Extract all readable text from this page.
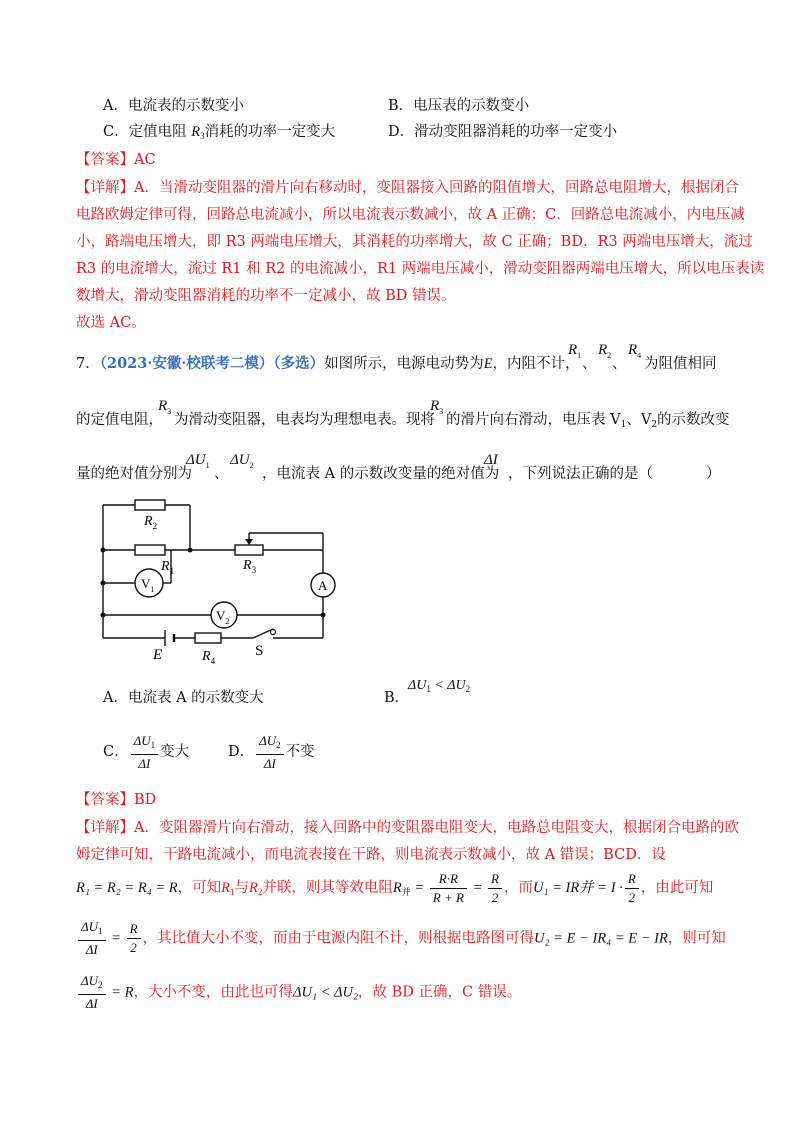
A．电流表的示数变小	B．电压表的示数变小
C．定值电阻 $R_3$消耗的功率一定变大	D．滑动变阻器消耗的功率一定变小
【答案】AC
【详解】A．当滑动变阻器的滑片向右移动时，变阻器接入回路的阻值增大，回路总电阻增大，根据闭合
电路欧姆定律可得，回路总电流减小，所以电流表示数减小，故 A 正确；C．回路总电流减小，内电压减
小，路端电压增大，即 R3 两端电压增大，其消耗的功率增大，故 C 正确；BD．R3 两端电压增大，流过
R3 的电流增大，流过 R1 和 R2 的电流减小，R1 两端电压减小，滑动变阻器两端电压增大，所以电压表读
数增大，滑动变阻器消耗的功率不一定减小，故 BD 错误。
故选 AC。
7．（2023·安徽·校联考二模）（多选）如图所示，电源电动势为E，内阻不计，
$R_1$
、
$R_2$
、
$R_4$
为阻值相同
的定值电阻，
$R_3$
为滑动变阻器，电表均为理想电表。现将
$R_3$
的滑片向右滑动，电压表 $V_1$、$V_2$的示数改变
量的绝对值分别为
$\Delta U_1$
、
$\Delta U_2$
，电流表 A 的示数改变量的绝对值为
ΔI
，下列说法正确的是（	）
$R_2$
$R_1$	$R_3$
$R_4$
$V_1$
$V_2$
A
E	S
A．电流表 A 的示数变大	B．
$\Delta U_1 < \Delta U_2$
C． $\frac{\Delta U_1}{\Delta I}$ 变大	D． $\frac{\Delta U_2}{\Delta I}$ 不变
【答案】BD
【详解】A．变阻器滑片向右滑动，接入回路中的变阻器电阻变大，电路总电阻变大，根据闭合电路的欧
姆定律可知，干路电流减小，而电流表接在干路，则电流表示数减小，故 A 错误；BCD．设
R₁ = R₂ = R₄ = R，可知$R_1$与$R_2$并联，则其等效电阻$R_并 = \frac{R\cdot R}{R + R} = \frac{R}{2}$ ，而U₁ = IR并 = $I \cdot \frac{R}{2}$ ，由此可知
$\frac{\Delta U_1}{\Delta I} = \frac{R}{2}$ ，其比值大小不变，而由于电源内阻不计，则根据电路图可得U₂ = E − IR₄ = E − IR，则可知
$\frac{\Delta U_2}{\Delta I} = R$，大小不变，由此也可得ΔU₁ < ΔU₂，故 BD 正确，C 错误。
